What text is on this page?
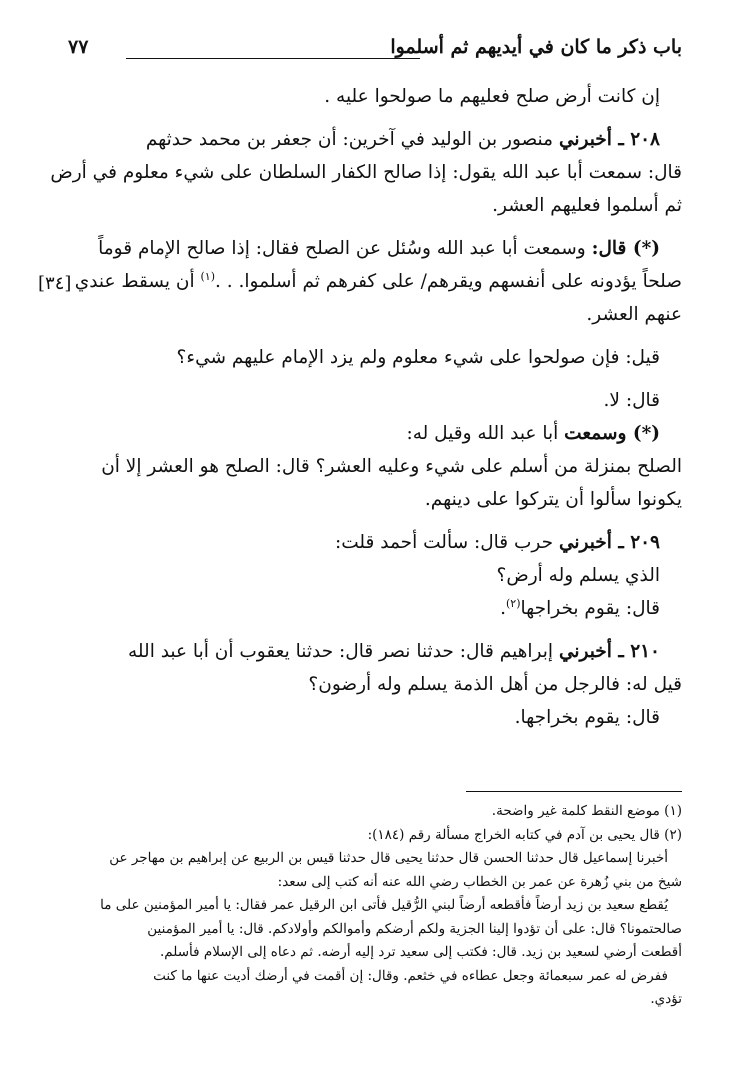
باب ذكر ما كان في أيديهم ثم أسلموا
٧٧

إن كانت أرض صلح فعليهم ما صولحوا عليه .

٢٠٨ ـ أخبرني منصور بن الوليد في آخرين: أن جعفر بن محمد حدثهم

قال: سمعت أبا عبد الله يقول: إذا صالح الكفار السلطان على شيء معلوم في أرض

ثم أسلموا فعليهم العشر.

(*) قال: وسمعت أبا عبد الله وسُئل عن الصلح فقال: إذا صالح الإمام قوماً

صلحاً يؤدونه على أنفسهم ويقرهم/ على كفرهم ثم أسلموا. . .$^{(١)}$ أن يسقط عندي

عنهم العشر.

قيل: فإن صولحوا على شيء معلوم ولم يزد الإمام عليهم شيء؟

قال: لا.

(*) وسمعت أبا عبد الله وقيل له:

الصلح بمنزلة من أسلم على شيء وعليه العشر؟ قال: الصلح هو العشر إلا أن

يكونوا سألوا أن يتركوا على دينهم.

٢٠٩ ـ أخبرني حرب قال: سألت أحمد قلت:

الذي يسلم وله أرض؟

قال: يقوم بخراجها$^{(٢)}$.

٢١٠ ـ أخبرني إبراهيم قال: حدثنا نصر قال: حدثنا يعقوب أن أبا عبد الله

قيل له: فالرجل من أهل الذمة يسلم وله أرضون؟

قال: يقوم بخراجها.

[٣٤]

(١) موضع النقط كلمة غير واضحة.

(٢) قال يحيى بن آدم في كتابه الخراج مسألة رقم (١٨٤):

أخبرنا إسماعيل قال حدثنا الحسن قال حدثنا يحيى قال حدثنا قيس بن الربيع عن إبراهيم بن مهاجر عن

شيخ من بني زُهرة عن عمر بن الخطاب رضي الله عنه أنه كتب إلى سعد:

يُقطع سعيد بن زيد أرضاً فأقطعه أرضاً لبني الرُّقيل فأتى ابن الرقيل عمر فقال: يا أمير المؤمنين على ما

صالحتمونا؟ قال: على أن تؤدوا إلينا الجزية ولكم أرضكم وأموالكم وأولادكم. قال: يا أمير المؤمنين

أقطعت أرضي لسعيد بن زيد. قال: فكتب إلى سعيد ترد إليه أرضه. ثم دعاه إلى الإسلام فأسلم.

ففرض له عمر سبعمائة وجعل عطاءه في خثعم. وقال: إن أقمت في أرضك أديت عنها ما كنت

تؤدي.
